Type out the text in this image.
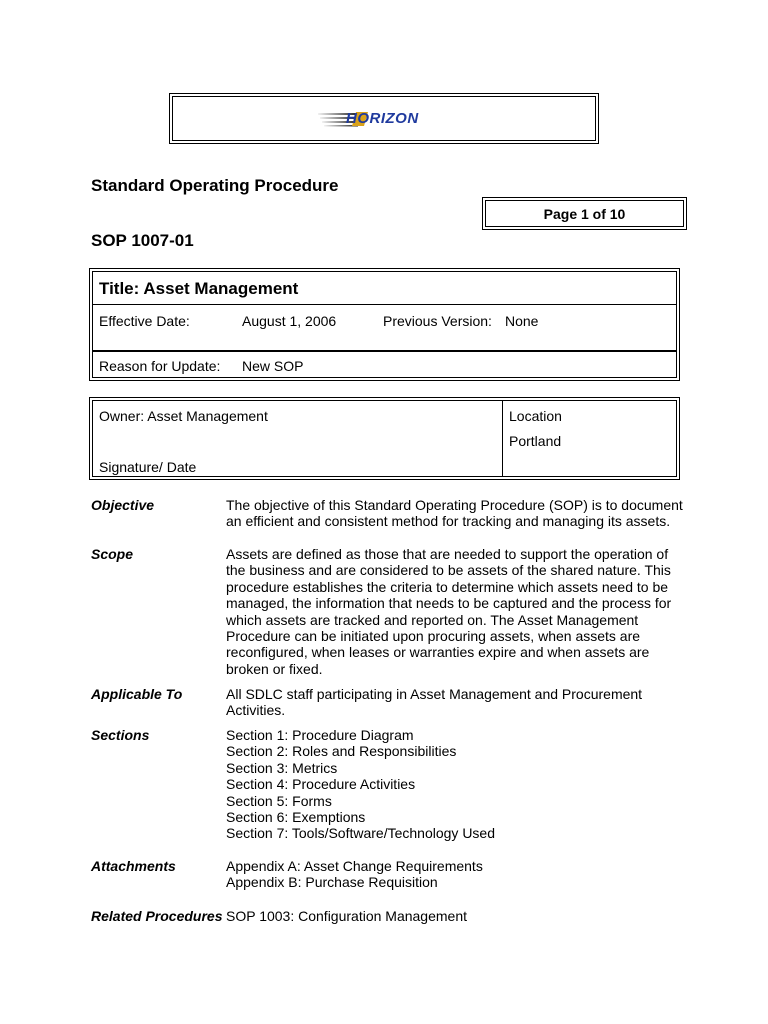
HORIZON
Standard Operating Procedure
Page 1 of 10
SOP 1007-01
Title: Asset Management
Effective Date:	August 1, 2006	Previous Version: None
Reason for Update: New SOP
Owner: Asset Management
Signature/ Date
Location
Portland
Objective	The objective of this Standard Operating Procedure (SOP) is to document
an efficient and consistent method for tracking and managing its assets.
Scope	Assets are defined as those that are needed to support the operation of
the business and are considered to be assets of the shared nature. This
procedure establishes the criteria to determine which assets need to be
managed, the information that needs to be captured and the process for
which assets are tracked and reported on. The Asset Management
Procedure can be initiated upon procuring assets, when assets are
reconfigured, when leases or warranties expire and when assets are
broken or fixed.
Applicable To	All SDLC staff participating in Asset Management and Procurement
Activities.
Sections	Section 1: Procedure Diagram
Section 2: Roles and Responsibilities
Section 3: Metrics
Section 4: Procedure Activities
Section 5: Forms
Section 6: Exemptions
Section 7: Tools/Software/Technology Used
Attachments	Appendix A: Asset Change Requirements
Appendix B: Purchase Requisition
Related Procedures SOP 1003: Configuration Management
